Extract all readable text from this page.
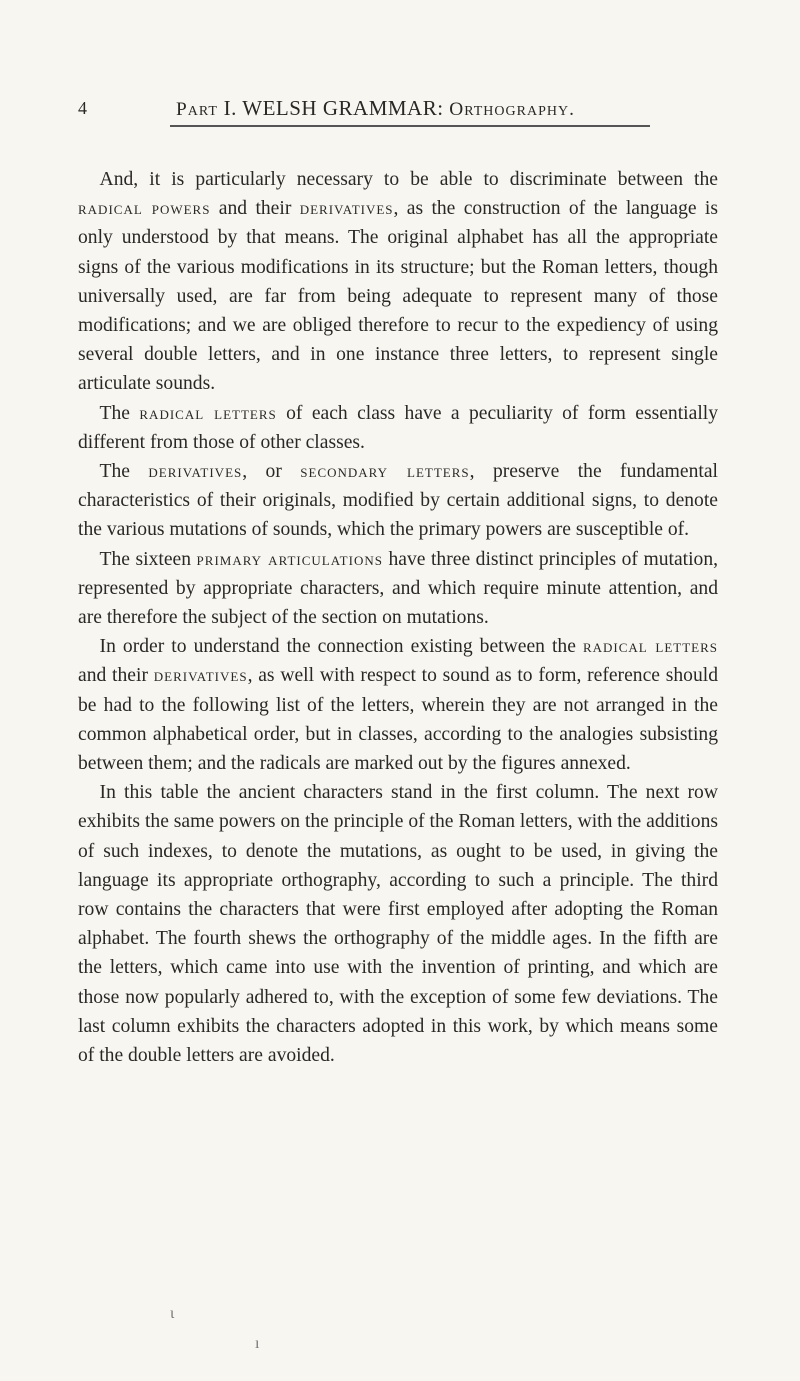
4	Part I. WELSH GRAMMAR: Orthography.

And, it is particularly necessary to be able to discriminate between the radical powers and their derivatives, as the construction of the language is only understood by that means. The original alphabet has all the appropriate signs of the various modifications in its structure; but the Roman letters, though universally used, are far from being adequate to represent many of those modifications; and we are obliged therefore to recur to the expediency of using several double letters, and in one instance three letters, to represent single articulate sounds.

The radical letters of each class have a peculiarity of form essentially different from those of other classes.

The derivatives, or secondary letters, preserve the fundamental characteristics of their originals, modified by certain additional signs, to denote the various mutations of sounds, which the primary powers are susceptible of.

The sixteen primary articulations have three distinct principles of mutation, represented by appropriate characters, and which require minute attention, and are therefore the subject of the section on mutations.

In order to understand the connection existing between the radical letters and their derivatives, as well with respect to sound as to form, reference should be had to the following list of the letters, wherein they are not arranged in the common alphabetical order, but in classes, according to the analogies subsisting between them; and the radicals are marked out by the figures annexed.

In this table the ancient characters stand in the first column. The next row exhibits the same powers on the principle of the Roman letters, with the additions of such indexes, to denote the mutations, as ought to be used, in giving the language its appropriate orthography, according to such a principle. The third row contains the characters that were first employed after adopting the Roman alphabet. The fourth shews the orthography of the middle ages. In the fifth are the letters, which came into use with the invention of printing, and which are those now popularly adhered to, with the exception of some few deviations. The last column exhibits the characters adopted in this work, by which means some of the double letters are avoided.

ɩ
ı
